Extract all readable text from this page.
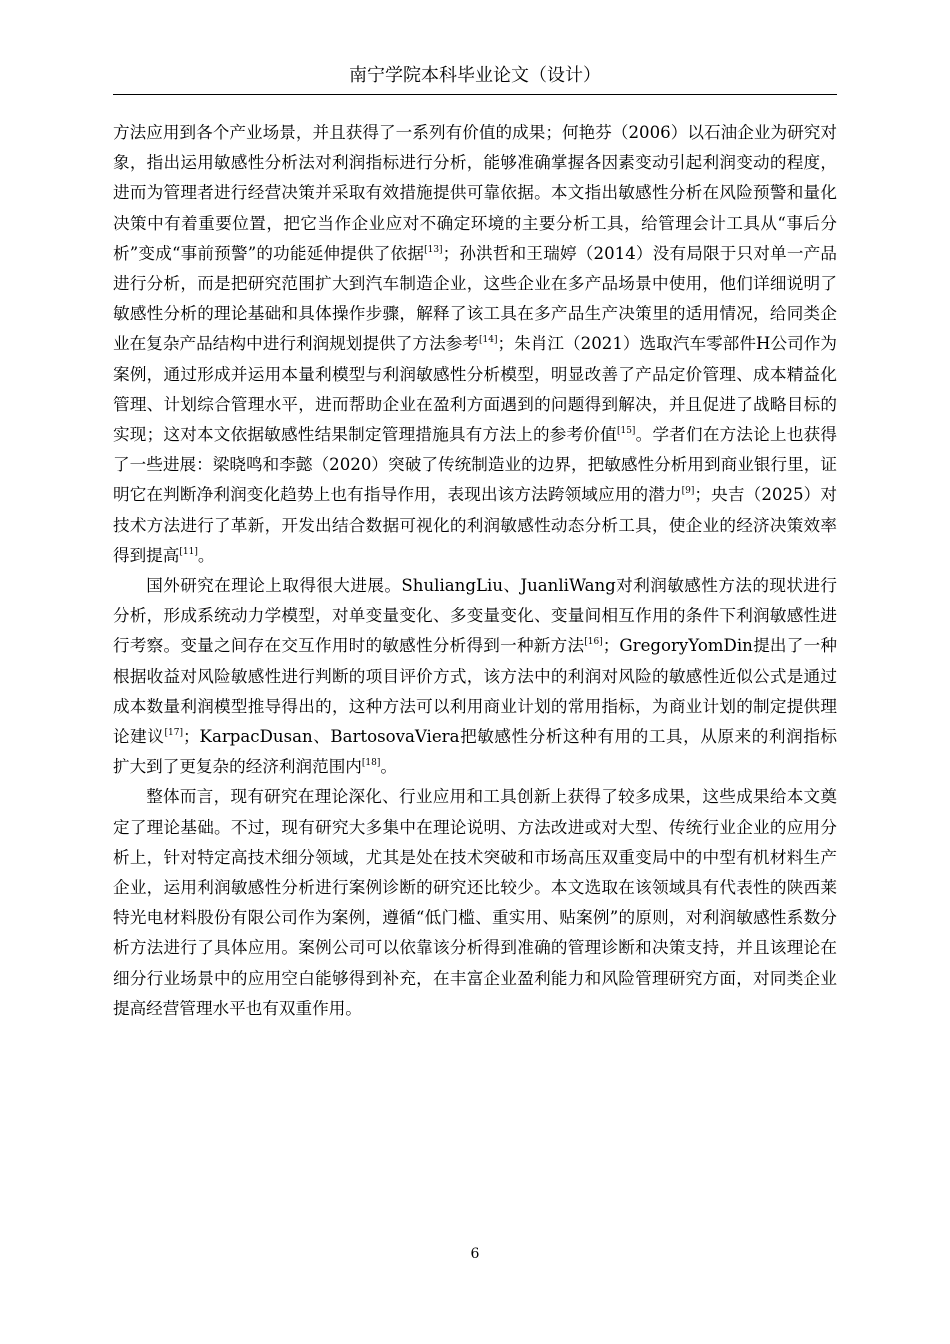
南宁学院本科毕业论文（设计）

方法应用到各个产业场景，并且获得了一系列有价值的成果；何艳芬（2006）以石油企业为研究对象，指出运用敏感性分析法对利润指标进行分析，能够准确掌握各因素变动引起利润变动的程度，进而为管理者进行经营决策并采取有效措施提供可靠依据。本文指出敏感性分析在风险预警和量化决策中有着重要位置，把它当作企业应对不确定环境的主要分析工具，给管理会计工具从“事后分析”变成“事前预警”的功能延伸提供了依据[13]；孙洪哲和王瑞婷（2014）没有局限于只对单一产品进行分析，而是把研究范围扩大到汽车制造企业，这些企业在多产品场景中使用，他们详细说明了敏感性分析的理论基础和具体操作步骤，解释了该工具在多产品生产决策里的适用情况，给同类企业在复杂产品结构中进行利润规划提供了方法参考[14]；朱肖江（2021）选取汽车零部件H公司作为案例，通过形成并运用本量利模型与利润敏感性分析模型，明显改善了产品定价管理、成本精益化管理、计划综合管理水平，进而帮助企业在盈利方面遇到的问题得到解决，并且促进了战略目标的实现；这对本文依据敏感性结果制定管理措施具有方法上的参考价值[15]。学者们在方法论上也获得了一些进展：梁晓鸣和李懿（2020）突破了传统制造业的边界，把敏感性分析用到商业银行里，证明它在判断净利润变化趋势上也有指导作用，表现出该方法跨领域应用的潜力[9]；央吉（2025）对技术方法进行了革新，开发出结合数据可视化的利润敏感性动态分析工具，使企业的经济决策效率得到提高[11]。

国外研究在理论上取得很大进展。ShuliangLiu、JuanliWang对利润敏感性方法的现状进行分析，形成系统动力学模型，对单变量变化、多变量变化、变量间相互作用的条件下利润敏感性进行考察。变量之间存在交互作用时的敏感性分析得到一种新方法[16]；GregoryYomDin提出了一种根据收益对风险敏感性进行判断的项目评价方式，该方法中的利润对风险的敏感性近似公式是通过成本数量利润模型推导得出的，这种方法可以利用商业计划的常用指标，为商业计划的制定提供理论建议[17]；KarpacDusan、BartosovaViera把敏感性分析这种有用的工具，从原来的利润指标扩大到了更复杂的经济利润范围内[18]。

整体而言，现有研究在理论深化、行业应用和工具创新上获得了较多成果，这些成果给本文奠定了理论基础。不过，现有研究大多集中在理论说明、方法改进或对大型、传统行业企业的应用分析上，针对特定高技术细分领域，尤其是处在技术突破和市场高压双重变局中的中型有机材料生产企业，运用利润敏感性分析进行案例诊断的研究还比较少。本文选取在该领域具有代表性的陕西莱特光电材料股份有限公司作为案例，遵循“低门槛、重实用、贴案例”的原则，对利润敏感性系数分析方法进行了具体应用。案例公司可以依靠该分析得到准确的管理诊断和决策支持，并且该理论在细分行业场景中的应用空白能够得到补充，在丰富企业盈利能力和风险管理研究方面，对同类企业提高经营管理水平也有双重作用。

6
